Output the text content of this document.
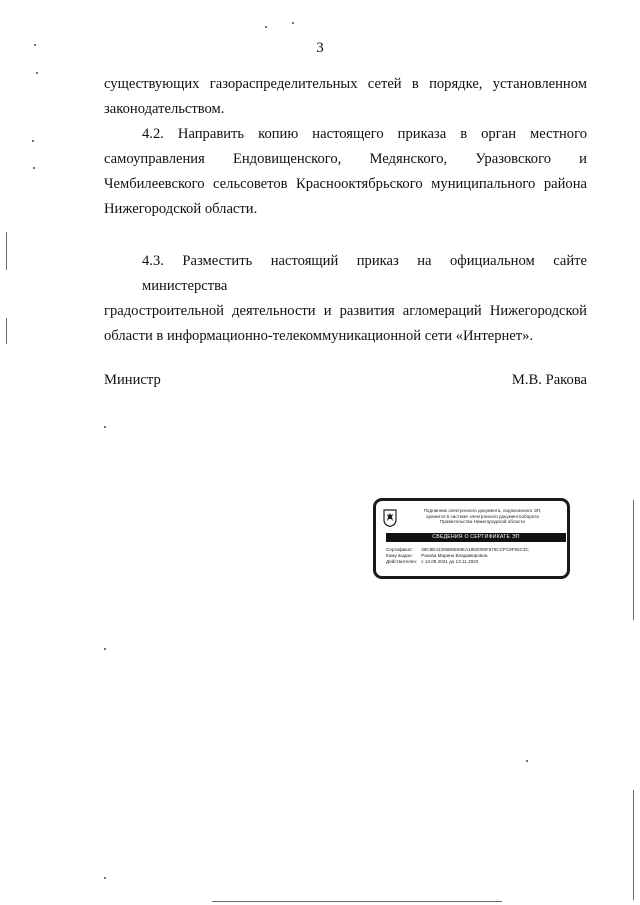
3
существующих газораспределительных сетей в порядке, установленном
законодательством.
4.2. Направить копию настоящего приказа в орган местного
самоуправления Ендовищенского, Медянского, Уразовского и
Чембилеевского сельсоветов Краснооктябрьского муниципального района
Нижегородской области.
4.3. Разместить настоящий приказ на официальном сайте министерства
градостроительной деятельности и развития агломераций Нижегородской
области в информационно-телекоммуникационной сети «Интернет».
Министр	М.В. Ракова
Подлинник электронного документа, подписанного ЭП,
хранится в системе электронного документооборота
Правительства Нижегородской области
СВЕДЕНИЯ О СЕРТИФИКАТЕ ЭП
Сертификат: 39C8E41305B8E59EA1852005F675CCFC9F92C3C
Кому выдан: Ракова Марина Владимировна
Действителен: с 13.08.2021 до 13.11.2022
